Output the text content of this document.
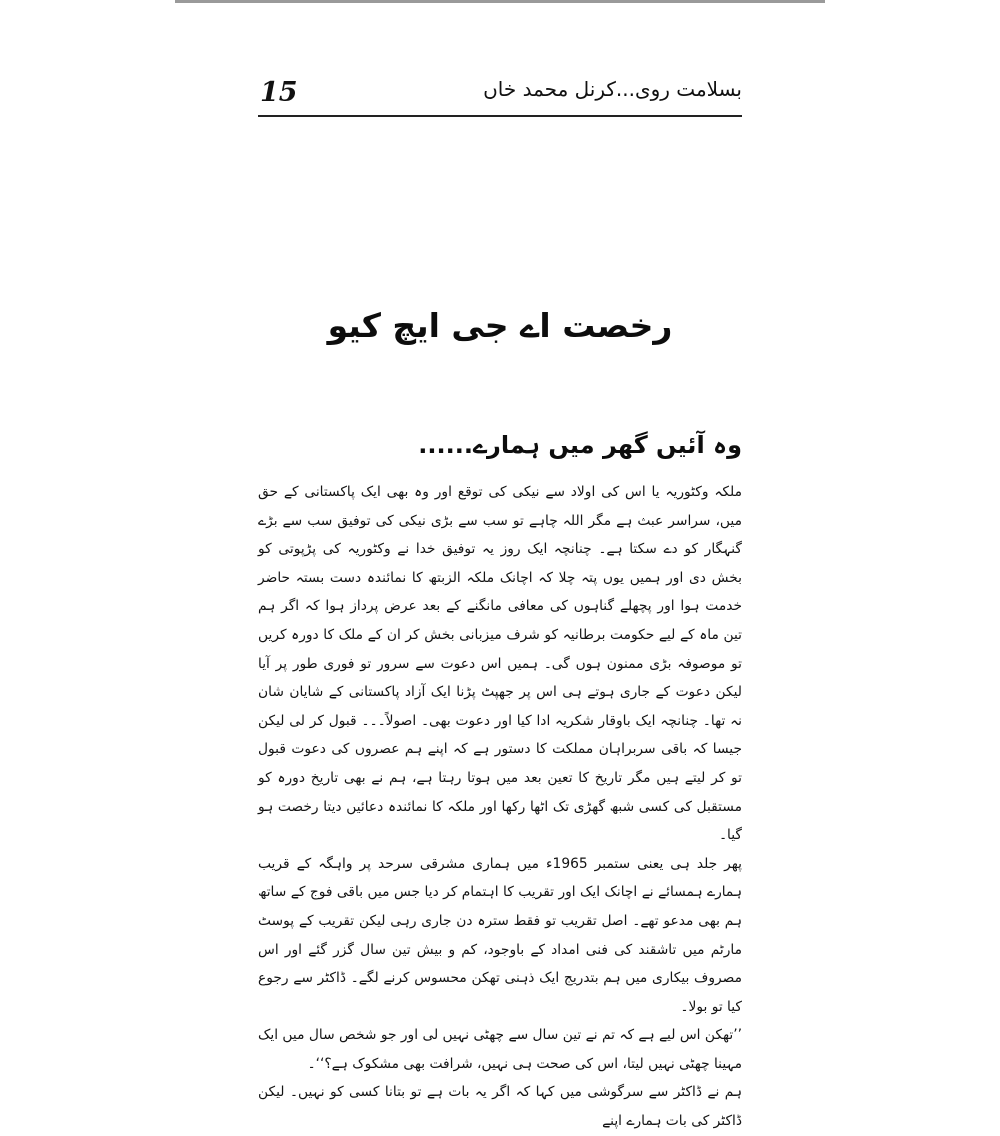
15	بسلامت روی...کرنل محمد خاں
رخصت اے جی ایچ کیو
وہ آئیں گھر میں ہمارے......

ملکہ وکٹوریہ یا اس کی اولاد سے نیکی کی توقع اور وہ بھی ایک پاکستانی کے حق میں، سراسر عبث ہے مگر اللہ چاہے تو سب سے بڑی نیکی کی توفیق سب سے بڑے گنہگار کو دے سکتا ہے۔ چنانچہ ایک روز یہ توفیق خدا نے وکٹوریہ کی پڑپوتی کو بخش دی اور ہمیں یوں پتہ چلا کہ اچانک ملکہ الزبتھ کا نمائندہ دست بستہ حاضر خدمت ہوا اور پچھلے گناہوں کی معافی مانگنے کے بعد عرض پرداز ہوا کہ اگر ہم تین ماہ کے لیے حکومت برطانیہ کو شرف میزبانی بخش کر ان کے ملک کا دورہ کریں تو موصوفہ بڑی ممنون ہوں گی۔ ہمیں اس دعوت سے سرور تو فوری طور پر آیا لیکن دعوت کے جاری ہوتے ہی اس پر جھپٹ پڑنا ایک آزاد پاکستانی کے شایان شان نہ تھا۔ چنانچہ ایک باوقار شکریہ ادا کیا اور دعوت بھی۔ اصولاً۔۔۔ قبول کر لی لیکن جیسا کہ باقی سربراہان مملکت کا دستور ہے کہ اپنے ہم عصروں کی دعوت قبول تو کر لیتے ہیں مگر تاریخ کا تعین بعد میں ہوتا رہتا ہے، ہم نے بھی تاریخ دورہ کو مستقبل کی کسی شبھ گھڑی تک اٹھا رکھا اور ملکہ کا نمائندہ دعائیں دیتا رخصت ہو گیا۔

پھر جلد ہی یعنی ستمبر 1965ء میں ہماری مشرقی سرحد پر واہگہ کے قریب ہمارے ہمسائے نے اچانک ایک اور تقریب کا اہتمام کر دیا جس میں باقی فوج کے ساتھ ہم بھی مدعو تھے۔ اصل تقریب تو فقط سترہ دن جاری رہی لیکن تقریب کے پوسٹ مارٹم میں تاشقند کی فنی امداد کے باوجود، کم و بیش تین سال گزر گئے اور اس مصروف بیکاری میں ہم بتدریج ایک ذہنی تھکن محسوس کرنے لگے۔ ڈاکٹر سے رجوع کیا تو بولا۔

’’تھکن اس لیے ہے کہ تم نے تین سال سے چھٹی نہیں لی اور جو شخص سال میں ایک مہینا چھٹی نہیں لیتا، اس کی صحت ہی نہیں، شرافت بھی مشکوک ہے؟‘‘۔

ہم نے ڈاکٹر سے سرگوشی میں کہا کہ اگر یہ بات ہے تو بتانا کسی کو نہیں۔ لیکن ڈاکٹر کی بات ہمارے اپنے
